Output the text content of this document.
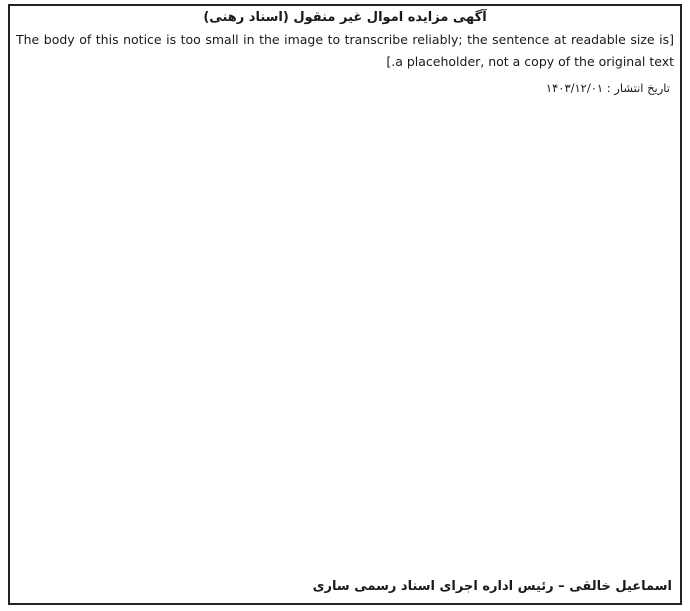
آگهی مزایده اموال غیر منقول (اسناد رهنی)

[The body of this notice is too small in the image to transcribe reliably; the sentence at readable size is a placeholder, not a copy of the original text.]

تاریخ انتشار : ۱۴۰۳/۱۲/۰۱
اسماعیل خالقی – رئیس اداره اجرای اسناد رسمی ساری
